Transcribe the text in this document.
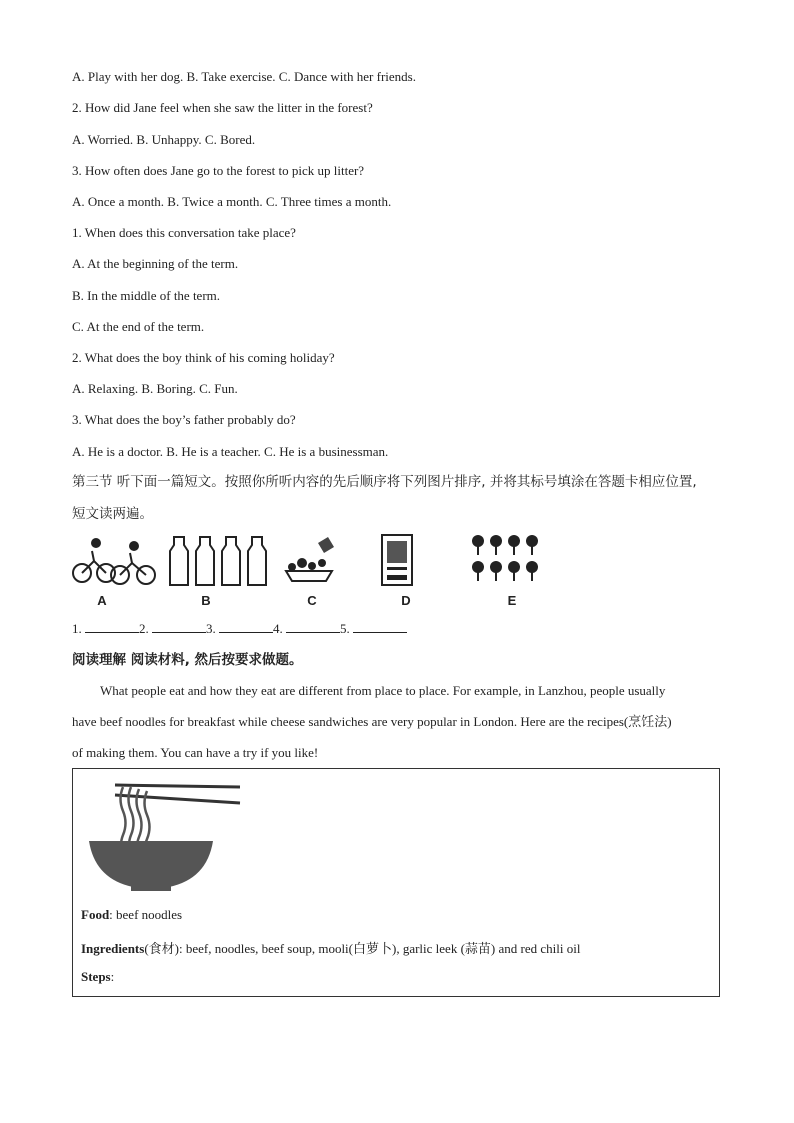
A. Play with her dog. B. Take exercise. C. Dance with her friends.
2. How did Jane feel when she saw the litter in the forest?
A. Worried. B. Unhappy. C. Bored.
3. How often does Jane go to the forest to pick up litter?
A. Once a month. B. Twice a month. C. Three times a month.
1. When does this conversation take place?
A. At the beginning of the term.
B. In the middle of the term.
C. At the end of the term.
2. What does the boy think of his coming holiday?
A. Relaxing. B. Boring. C. Fun.
3. What does the boy’s father probably do?
A. He is a doctor. B. He is a teacher. C. He is a businessman.
第三节 听下面一篇短文。按照你所听内容的先后顺序将下列图片排序, 并将其标号填涂在答题卡相应位置,
短文读两遍。
A	B	C	D	E
1.	2.	3.	4.	5.
阅读理解 阅读材料, 然后按要求做题。
What people eat and how they eat are different from place to place. For example, in Lanzhou, people usually
have beef noodles for breakfast while cheese sandwiches are very popular in London. Here are the recipes(烹饪法)
of making them. You can have a try if you like!
Food: beef noodles
Ingredients(食材): beef, noodles, beef soup, mooli(白萝卜), garlic leek (蒜苗) and red chili oil
Steps:
